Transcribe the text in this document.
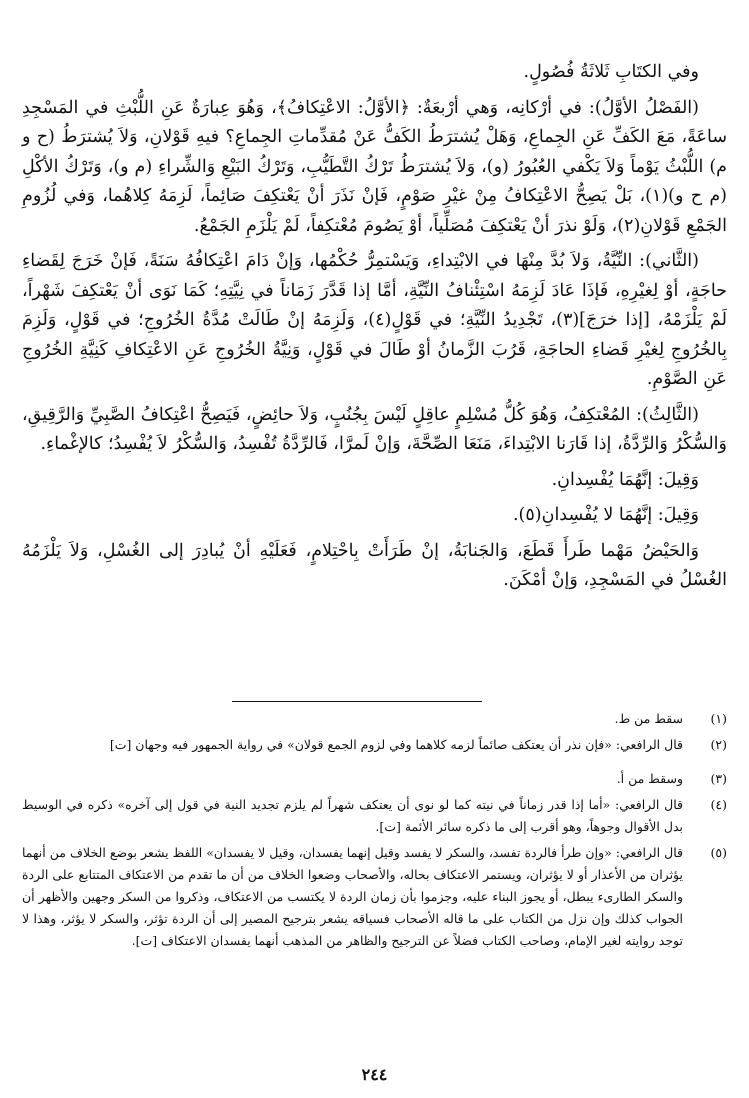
وفي الكتَابِ ثَلاثَةُ فُصُولٍ.

(الفَصْلُ الأوَّلُ): في أرْكانِه، وَهي أرْبعَةٌ: ﴿الأوَّلُ: الاعْتِكافُ﴾، وَهُوَ عِبارَةٌ عَنِ اللُّبْثِ في المَسْجِدِ ساعَةً، مَعَ الكَفِّ عَنِ الجِماعِ، وَهَلْ يُشترَطُ الكَفُّ عَنْ مُقدِّماتِ الجِماعِ؟ فيهِ قَوْلانِ، وَلاَ يُشترَطُ (ح و م) اللُّبْثُ يَوْماً وَلاَ يَكْفي العُبُورُ (و)، وَلاَ يُشترَطُ تَرْكُ التَّطَيُّبِ، وَتَرْكُ البَيْعِ وَالشِّراءِ (م و)، وَتَرْكُ الأكْلِ (م ح و)(١)، بَلْ يَصِحُّ الاعْتِكافُ مِنْ غيْرِ صَوْمٍ، فَإنْ نَذَرَ أنْ يَعْتكِفَ صَائِماً، لَزِمَهُ كِلاهُما، وَفي لُزُومِ الجَمْعِ قَوْلانِ(٢)، وَلَوْ نذرَ أنْ يَعْتكِفَ مُصَلِّياً، أوْ يَصُومَ مُعْتكِفاً، لَمْ يَلْزَمِ الجَمْعُ.

(الثَّاني): النِّيَّةُ، وَلاَ بُدَّ مِنْهَا في الابْتِداءِ، وَيَسْتمِرُّ حُكْمُها، وَإنْ دَامَ اعْتِكافُهُ سَنَةً، فَإنْ خَرَجَ لِقَضاءِ حاجَةٍ، أوْ لِغيْرِهِ، فَإذَا عَادَ لَزِمَهُ اسْتِئْنافُ النِّيَّةِ، أمَّا إذا قَدَّرَ زَمَاناً في نِيَّتِهِ؛ كَمَا نَوَى أنْ يَعْتكِفَ شَهْراً، لَمْ يَلْزَمْهُ، [إذا خرَجَ](٣)، تَجْدِيدُ النِّيَّةِ؛ في قَوْلٍ(٤)، وَلَزِمَهُ إنْ طَالَتْ مُدَّةُ الخُرُوجِ؛ في قَوْلٍ، وَلَزِمَ بِالخُرُوجِ لِغيْرِ قَضاءِ الحاجَةِ، قَرُبَ الزَّمانُ أوْ طَالَ في قَوْلٍ، وَنِيَّةُ الخُرُوجِ عَنِ الاعْتِكافِ كَنِيَّةِ الخُرُوجِ عَنِ الصَّوْمِ.

(الثَّالِثُ): المُعْتكِفُ، وَهُوَ كُلُّ مُسْلِمٍ عاقِلٍ لَيْسَ بِجُنُبٍ، وَلاَ حائِضٍ، فَيَصِحُّ اعْتِكافُ الصَّبِيِّ وَالرَّقِيقِ، وَالسُّكْرُ وَالرِّدَّةُ، إذا قَارَنا الابْتِداءَ، مَنَعَا الصِّحَّةَ، وَإنْ لَمرَّا، فَالرِّدَّةُ تُفْسِدُ، وَالسُّكْرُ لاَ يُفْسِدُ؛ كالإغْماءِ.

وَقِيلَ: إنَّهُمَا يُفْسِدانِ.

وَقِيلَ: إنَّهُمَا لا يُفْسِدانِ(٥).

وَالحَيْضُ مَهْما طَرأَ قَطَعَ، وَالجَنابَةُ، إنْ طَرَأَتْ بِاحْتِلامٍ، فَعَلَيْهِ أنْ يُبادِرَ إلى الغُسْلِ، وَلاَ يَلْزَمُهُ الغُسْلُ في المَسْجِدِ، وَإنْ أمْكَنَ.

(١)
سقط من ط.
(٢)
قال الرافعي: «فإن نذر أن يعتكف صائماً لزمه كلاهما وفي لزوم الجمع قولان» في رواية الجمهور فيه وجهان [ت]
(٣)
وسقط من أ.
(٤)
قال الرافعي: «أما إذا قدر زماناً في نيته كما لو نوى أن يعتكف شهراً لم يلزم تجديد النية في قول إلى آخره» ذكره في الوسيط بدل الأقوال وجوهاً، وهو أقرب إلى ما ذكره سائر الأئمة [ت].
(٥)
قال الرافعي: «وإن طرأ فالردة تفسد، والسكر لا يفسد وقيل إنهما يفسدان، وقيل لا يفسدان» اللفظ يشعر بوضع الخلاف من أنهما يؤثران من الأعذار أو لا يؤثران، ويستمر الاعتكاف بحاله، والأصحاب وضعوا الخلاف من أن ما تقدم من الاعتكاف المتتابع على الردة والسكر الطارىء يبطل، أو يجوز البناء عليه، وجزموا بأن زمان الردة لا يكتسب من الاعتكاف، وذكروا من السكر وجهين والأظهر أن الجواب كذلك وإن نزل من الكتاب على ما قاله الأصحاب فسياقه يشعر بترجيح المصير إلى أن الردة تؤثر، والسكر لا يؤثر، وهذا لا توجد روايته لغير الإمام، وصاحب الكتاب فضلاً عن الترجيح والظاهر من المذهب أنهما يفسدان الاعتكاف [ت].
٢٤٤
